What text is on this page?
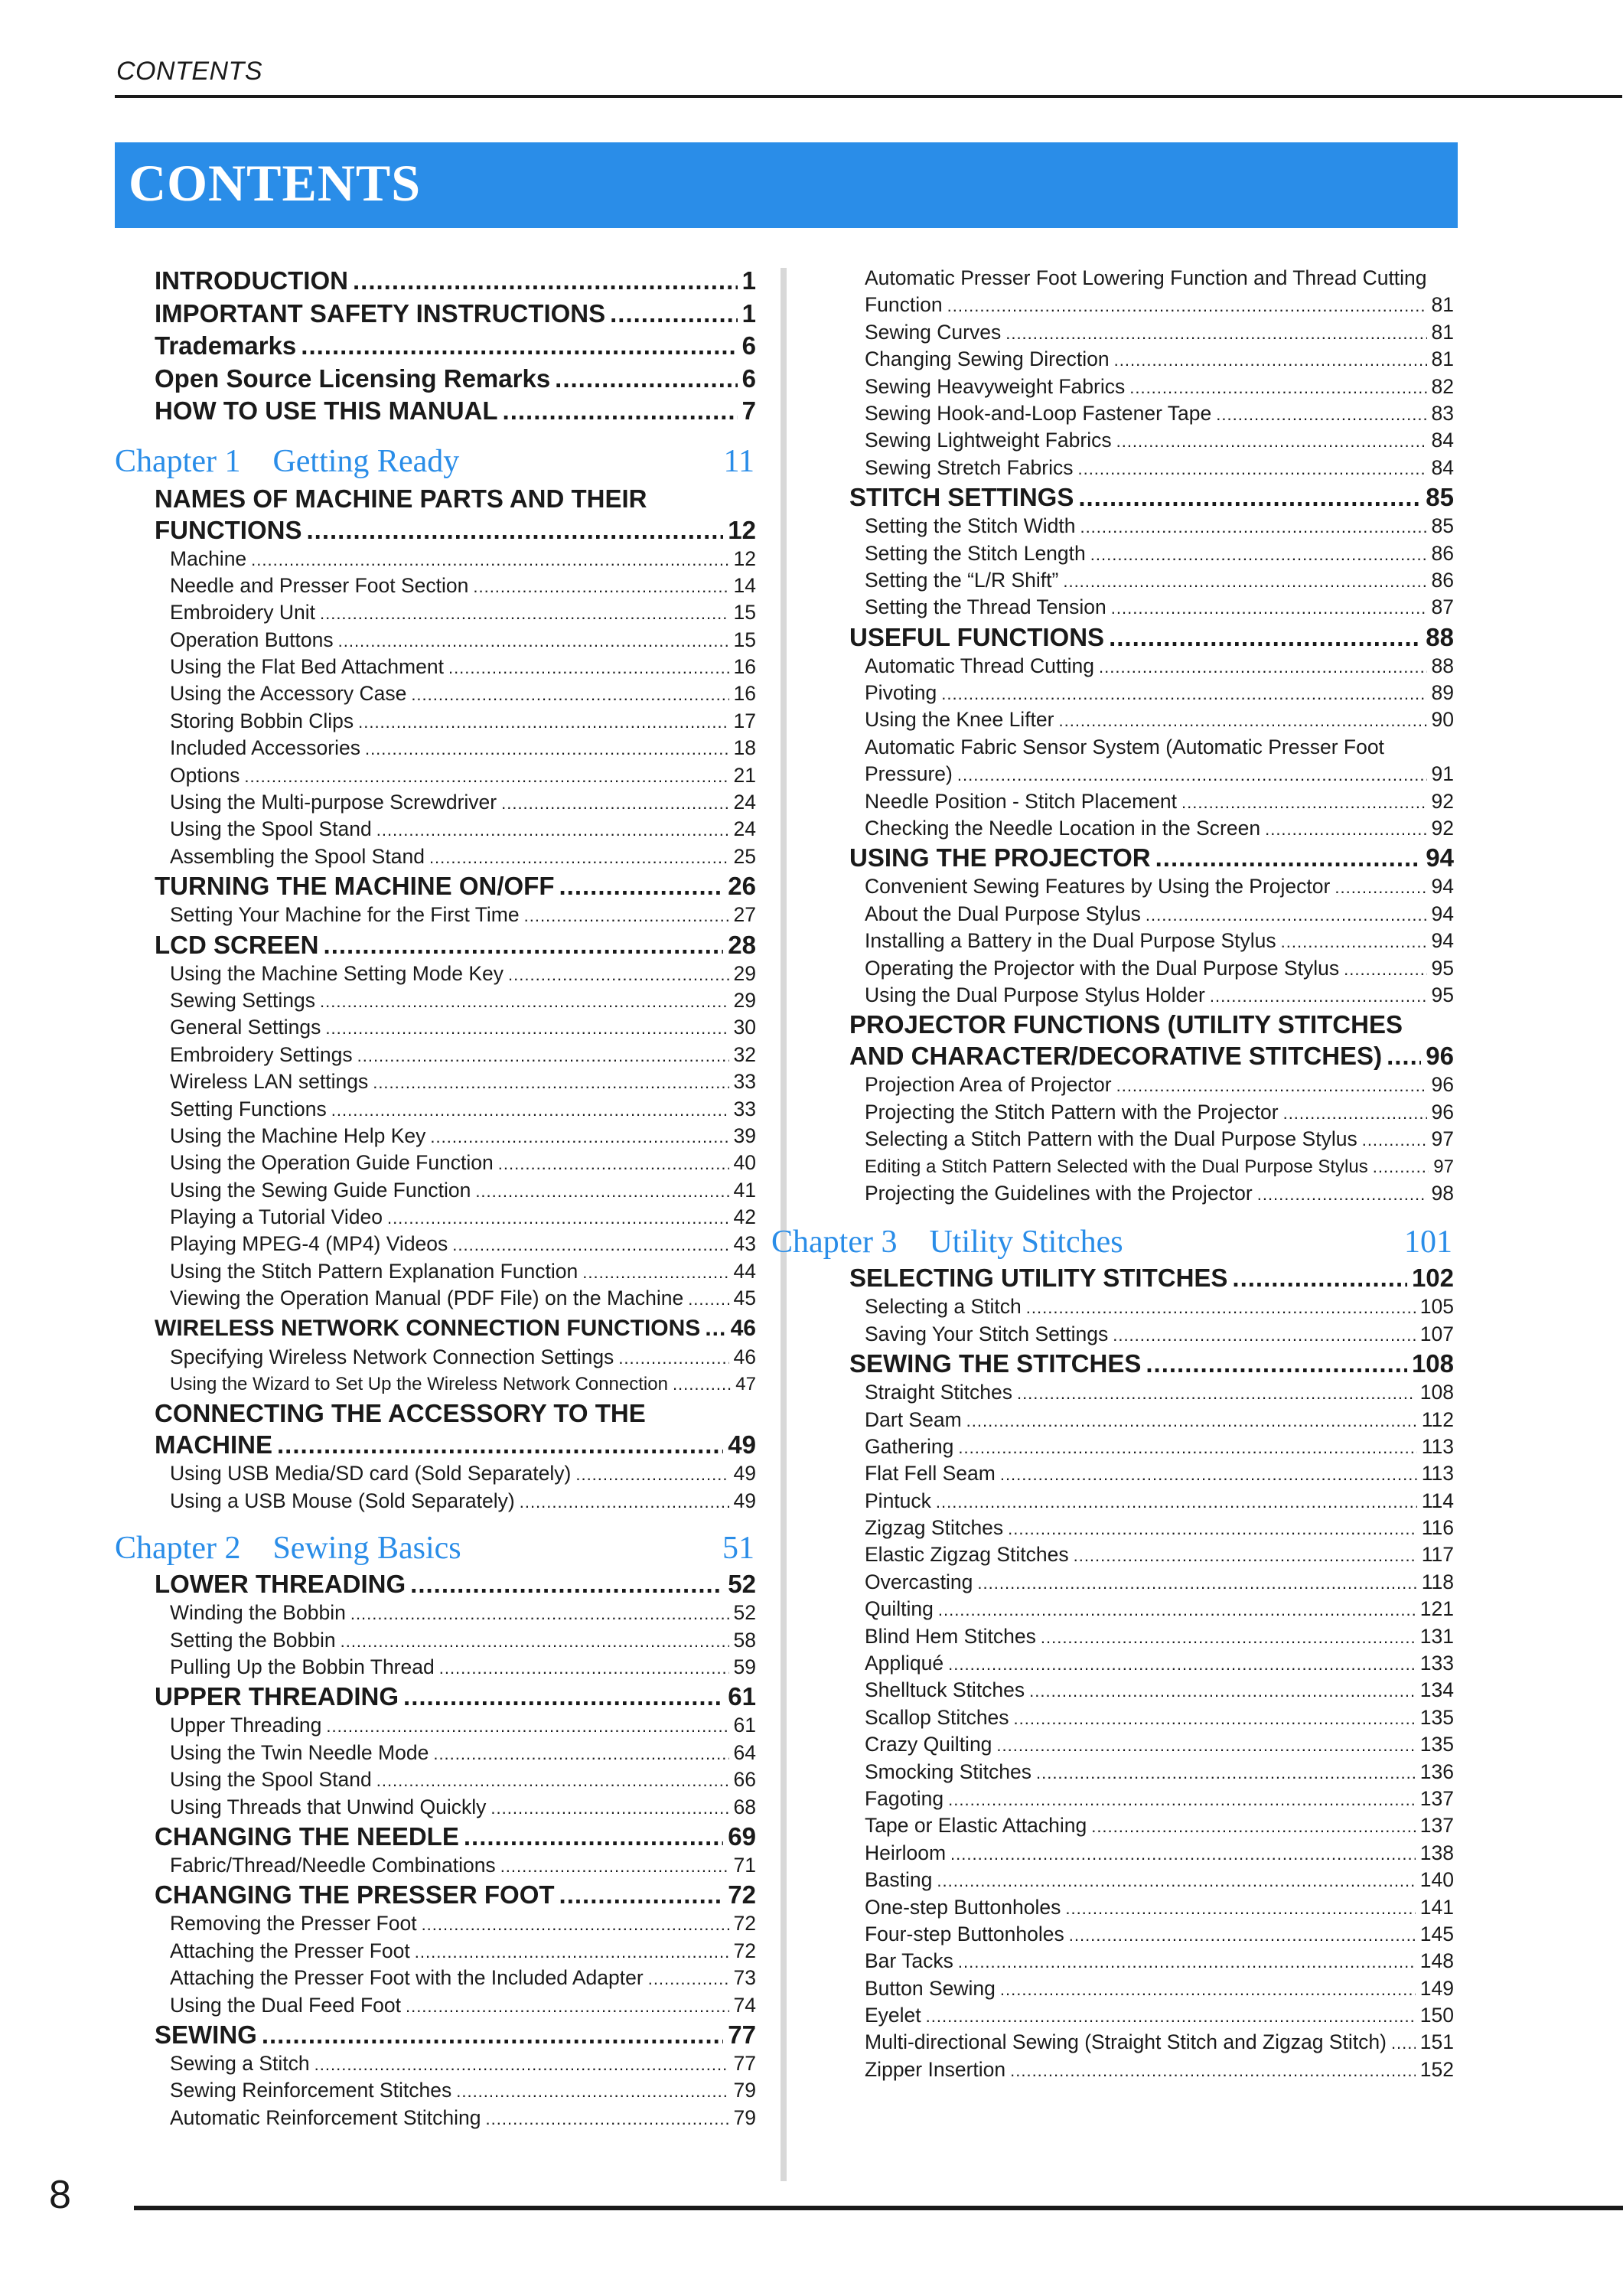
CONTENTS
CONTENTS
INTRODUCTION .....	1
IMPORTANT SAFETY INSTRUCTIONS .....	1
Trademarks .....	6
Open Source Licensing Remarks .....	6
HOW TO USE THIS MANUAL .....	7
Chapter 1    Getting Ready	11
NAMES OF MACHINE PARTS AND THEIR
FUNCTIONS .....	12
Machine .....	12
Needle and Presser Foot Section .....	14
Embroidery Unit .....	15
Operation Buttons .....	15
Using the Flat Bed Attachment .....	16
Using the Accessory Case .....	16
Storing Bobbin Clips .....	17
Included Accessories .....	18
Options .....	21
Using the Multi-purpose Screwdriver .....	24
Using the Spool Stand .....	24
Assembling the Spool Stand .....	25
TURNING THE MACHINE ON/OFF .....	26
Setting Your Machine for the First Time .....	27
LCD SCREEN .....	28
Using the Machine Setting Mode Key .....	29
Sewing Settings .....	29
General Settings .....	30
Embroidery Settings .....	32
Wireless LAN settings .....	33
Setting Functions .....	33
Using the Machine Help Key .....	39
Using the Operation Guide Function .....	40
Using the Sewing Guide Function .....	41
Playing a Tutorial Video .....	42
Playing MPEG-4 (MP4) Videos .....	43
Using the Stitch Pattern Explanation Function .....	44
Viewing the Operation Manual (PDF File) on the Machine ..... 45
WIRELESS NETWORK CONNECTION FUNCTIONS ..... 46
Specifying Wireless Network Connection Settings .....	46
Using the Wizard to Set Up the Wireless Network Connection .....	47
CONNECTING THE ACCESSORY TO THE
MACHINE .....	49
Using USB Media/SD card (Sold Separately) .....	49
Using a USB Mouse (Sold Separately) .....	49
Chapter 2    Sewing Basics	51
LOWER THREADING .....	52
Winding the Bobbin .....	52
Setting the Bobbin .....	58
Pulling Up the Bobbin Thread .....	59
UPPER THREADING .....	61
Upper Threading .....	61
Using the Twin Needle Mode .....	64
Using the Spool Stand .....	66
Using Threads that Unwind Quickly .....	68
CHANGING THE NEEDLE .....	69
Fabric/Thread/Needle Combinations .....	71
CHANGING THE PRESSER FOOT .....	72
Removing the Presser Foot .....	72
Attaching the Presser Foot .....	72
Attaching the Presser Foot with the Included Adapter .....	73
Using the Dual Feed Foot .....	74
SEWING .....	77
Sewing a Stitch .....	77
Sewing Reinforcement Stitches .....	79
Automatic Reinforcement Stitching .....	79
Automatic Presser Foot Lowering Function and Thread Cutting
Function .....	81
Sewing Curves .....	81
Changing Sewing Direction .....	81
Sewing Heavyweight Fabrics .....	82
Sewing Hook-and-Loop Fastener Tape .....	83
Sewing Lightweight Fabrics .....	84
Sewing Stretch Fabrics .....	84
STITCH SETTINGS .....	85
Setting the Stitch Width .....	85
Setting the Stitch Length .....	86
Setting the “L/R Shift” .....	86
Setting the Thread Tension .....	87
USEFUL FUNCTIONS .....	88
Automatic Thread Cutting .....	88
Pivoting .....	89
Using the Knee Lifter .....	90
Automatic Fabric Sensor System (Automatic Presser Foot
Pressure) .....	91
Needle Position - Stitch Placement .....	92
Checking the Needle Location in the Screen .....	92
USING THE PROJECTOR .....	94
Convenient Sewing Features by Using the Projector .....	94
About the Dual Purpose Stylus .....	94
Installing a Battery in the Dual Purpose Stylus .....	94
Operating the Projector with the Dual Purpose Stylus .....	95
Using the Dual Purpose Stylus Holder .....	95
PROJECTOR FUNCTIONS (UTILITY STITCHES
AND CHARACTER/DECORATIVE STITCHES) ..... 96
Projection Area of Projector .....	96
Projecting the Stitch Pattern with the Projector .....	96
Selecting a Stitch Pattern with the Dual Purpose Stylus .....	97
Editing a Stitch Pattern Selected with the Dual Purpose Stylus .....	97
Projecting the Guidelines with the Projector .....	98
Chapter 3    Utility Stitches	101
SELECTING UTILITY STITCHES .....	102
Selecting a Stitch .....	105
Saving Your Stitch Settings .....	107
SEWING THE STITCHES .....	108
Straight Stitches .....	108
Dart Seam .....	112
Gathering .....	113
Flat Fell Seam .....	113
Pintuck .....	114
Zigzag Stitches .....	116
Elastic Zigzag Stitches .....	117
Overcasting .....	118
Quilting .....	121
Blind Hem Stitches .....	131
Appliqué .....	133
Shelltuck Stitches .....	134
Scallop Stitches .....	135
Crazy Quilting .....	135
Smocking Stitches .....	136
Fagoting .....	137
Tape or Elastic Attaching .....	137
Heirloom .....	138
Basting .....	140
One-step Buttonholes .....	141
Four-step Buttonholes .....	145
Bar Tacks .....	148
Button Sewing .....	149
Eyelet .....	150
Multi-directional Sewing (Straight Stitch and Zigzag Stitch) ..... 151
Zipper Insertion .....	152
8
